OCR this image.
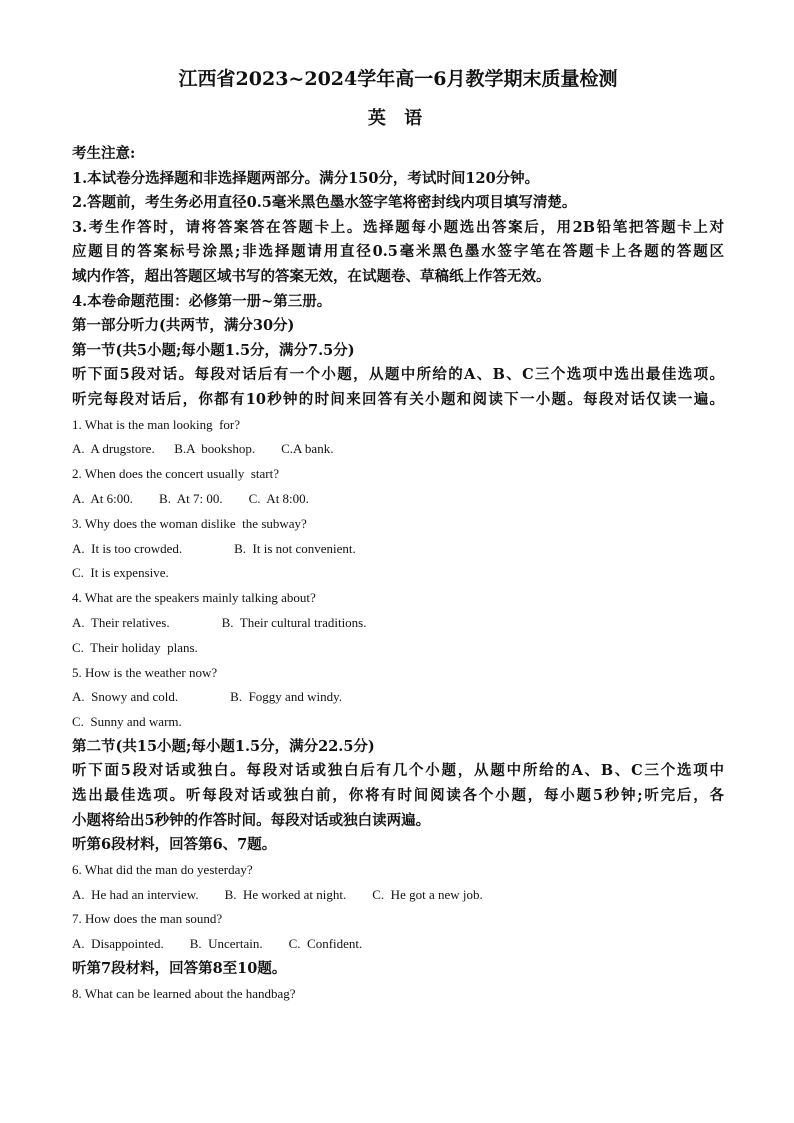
江西省2023~2024学年高一6月教学期末质量检测
英 语

考生注意:

1.本试卷分选择题和非选择题两部分。满分150分，考试时间120分钟。

2.答题前，考生务必用直径0.5毫米黑色墨水签字笔将密封线内项目填写清楚。

3.考生作答时，请将答案答在答题卡上。选择题每小题选出答案后，用2B铅笔把答题卡上对

应题目的答案标号涂黑;非选择题请用直径0.5毫米黑色墨水签字笔在答题卡上各题的答题区

域内作答，超出答题区域书写的答案无效，在试题卷、草稿纸上作答无效。

4.本卷命题范围：必修第一册~第三册。

第一部分听力(共两节，满分30分)

第一节(共5小题;每小题1.5分，满分7.5分)

听下面5段对话。每段对话后有一个小题，从题中所给的A、B、C三个选项中选出最佳选项。

听完每段对话后，你都有10秒钟的时间来回答有关小题和阅读下一小题。每段对话仅读一遍。

1. What is the man looking  for?

A.  A drugstore.      B.A  bookshop.        C.A bank.

2. When does the concert usually  start?

A.  At 6:00.        B.  At 7: 00.        C.  At 8:00.

3. Why does the woman dislike  the subway?

A.  It is too crowded.                B.  It is not convenient.

C.  It is expensive.

4. What are the speakers mainly talking about?

A.  Their relatives.                B.  Their cultural traditions.

C.  Their holiday  plans.

5. How is the weather now?

A.  Snowy and cold.                B.  Foggy and windy.

C.  Sunny and warm.

第二节(共15小题;每小题1.5分，满分22.5分)

听下面5段对话或独白。每段对话或独白后有几个小题，从题中所给的A、B、C三个选项中

选出最佳选项。听每段对话或独白前，你将有时间阅读各个小题，每小题5秒钟;听完后，各

小题将给出5秒钟的作答时间。每段对话或独白读两遍。

听第6段材料，回答第6、7题。

6. What did the man do yesterday?

A.  He had an interview.        B.  He worked at night.        C.  He got a new job.

7. How does the man sound?

A.  Disappointed.        B.  Uncertain.        C.  Confident.

听第7段材料，回答第8至10题。

8. What can be learned about the handbag?
